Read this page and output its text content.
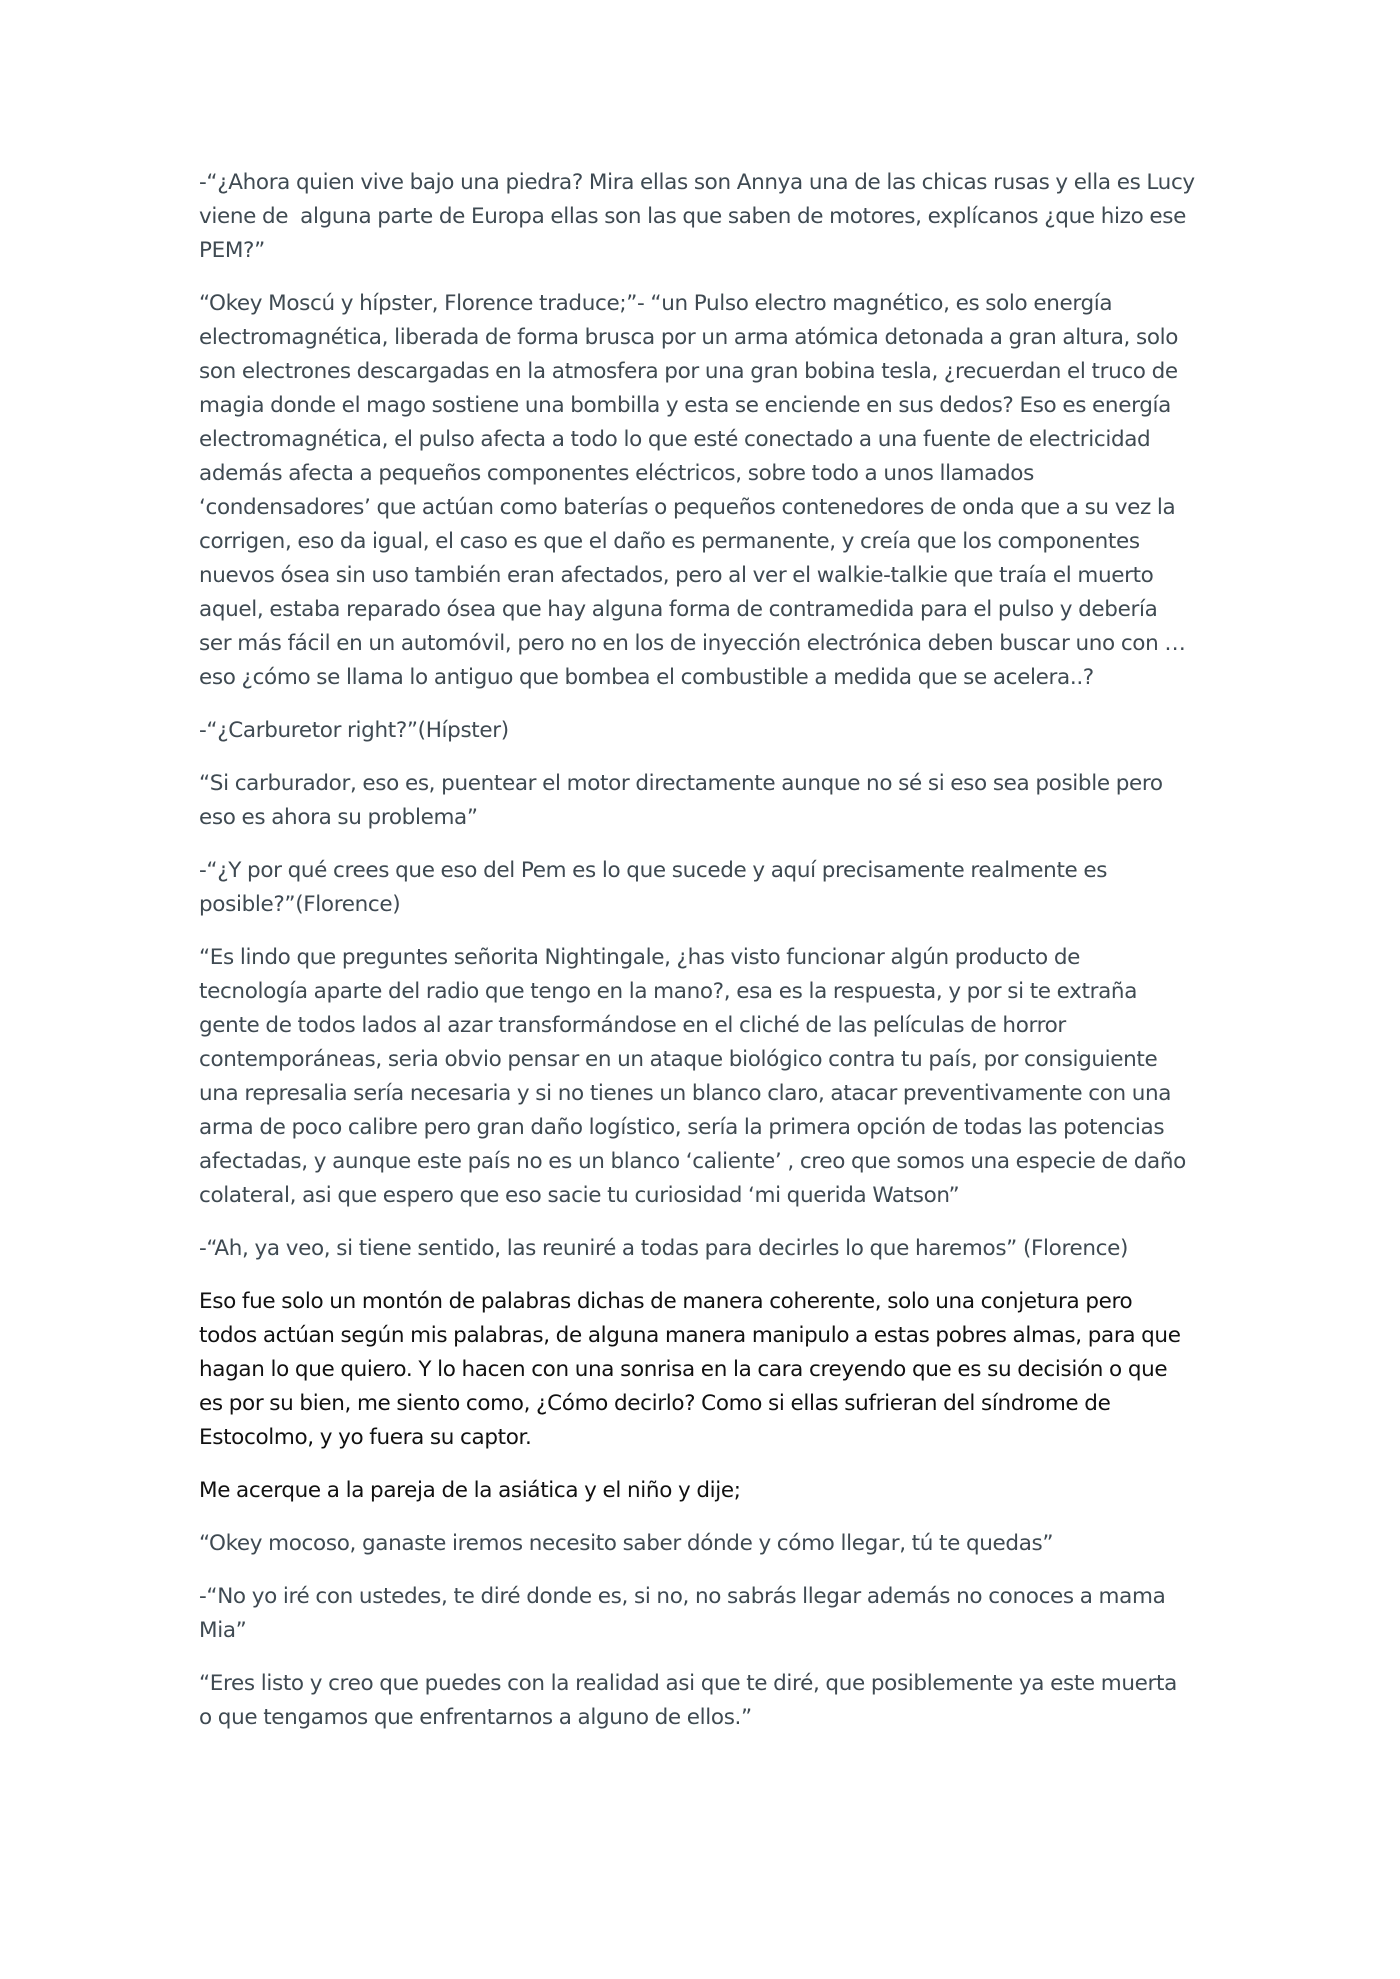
-“¿Ahora quien vive bajo una piedra? Mira ellas son Annya una de las chicas rusas y ella es Lucy
viene de  alguna parte de Europa ellas son las que saben de motores, explícanos ¿que hizo ese
PEM?”

“Okey Moscú y hípster, Florence traduce;”- “un Pulso electro magnético, es solo energía
electromagnética, liberada de forma brusca por un arma atómica detonada a gran altura, solo
son electrones descargadas en la atmosfera por una gran bobina tesla, ¿recuerdan el truco de
magia donde el mago sostiene una bombilla y esta se enciende en sus dedos? Eso es energía
electromagnética, el pulso afecta a todo lo que esté conectado a una fuente de electricidad
además afecta a pequeños componentes eléctricos, sobre todo a unos llamados
‘condensadores’ que actúan como baterías o pequeños contenedores de onda que a su vez la
corrigen, eso da igual, el caso es que el daño es permanente, y creía que los componentes
nuevos ósea sin uso también eran afectados, pero al ver el walkie-talkie que traía el muerto
aquel, estaba reparado ósea que hay alguna forma de contramedida para el pulso y debería
ser más fácil en un automóvil, pero no en los de inyección electrónica deben buscar uno con …
eso ¿cómo se llama lo antiguo que bombea el combustible a medida que se acelera..?

-“¿Carburetor right?”(Hípster)

“Si carburador, eso es, puentear el motor directamente aunque no sé si eso sea posible pero
eso es ahora su problema”

-“¿Y por qué crees que eso del Pem es lo que sucede y aquí precisamente realmente es
posible?”(Florence)

“Es lindo que preguntes señorita Nightingale, ¿has visto funcionar algún producto de
tecnología aparte del radio que tengo en la mano?, esa es la respuesta, y por si te extraña
gente de todos lados al azar transformándose en el cliché de las películas de horror
contemporáneas, seria obvio pensar en un ataque biológico contra tu país, por consiguiente
una represalia sería necesaria y si no tienes un blanco claro, atacar preventivamente con una
arma de poco calibre pero gran daño logístico, sería la primera opción de todas las potencias
afectadas, y aunque este país no es un blanco ‘caliente’ , creo que somos una especie de daño
colateral, asi que espero que eso sacie tu curiosidad ‘mi querida Watson”

-“Ah, ya veo, si tiene sentido, las reuniré a todas para decirles lo que haremos” (Florence)

Eso fue solo un montón de palabras dichas de manera coherente, solo una conjetura pero
todos actúan según mis palabras, de alguna manera manipulo a estas pobres almas, para que
hagan lo que quiero. Y lo hacen con una sonrisa en la cara creyendo que es su decisión o que
es por su bien, me siento como, ¿Cómo decirlo? Como si ellas sufrieran del síndrome de
Estocolmo, y yo fuera su captor.

Me acerque a la pareja de la asiática y el niño y dije;

“Okey mocoso, ganaste iremos necesito saber dónde y cómo llegar, tú te quedas”

-“No yo iré con ustedes, te diré donde es, si no, no sabrás llegar además no conoces a mama
Mia”

“Eres listo y creo que puedes con la realidad asi que te diré, que posiblemente ya este muerta
o que tengamos que enfrentarnos a alguno de ellos.”
